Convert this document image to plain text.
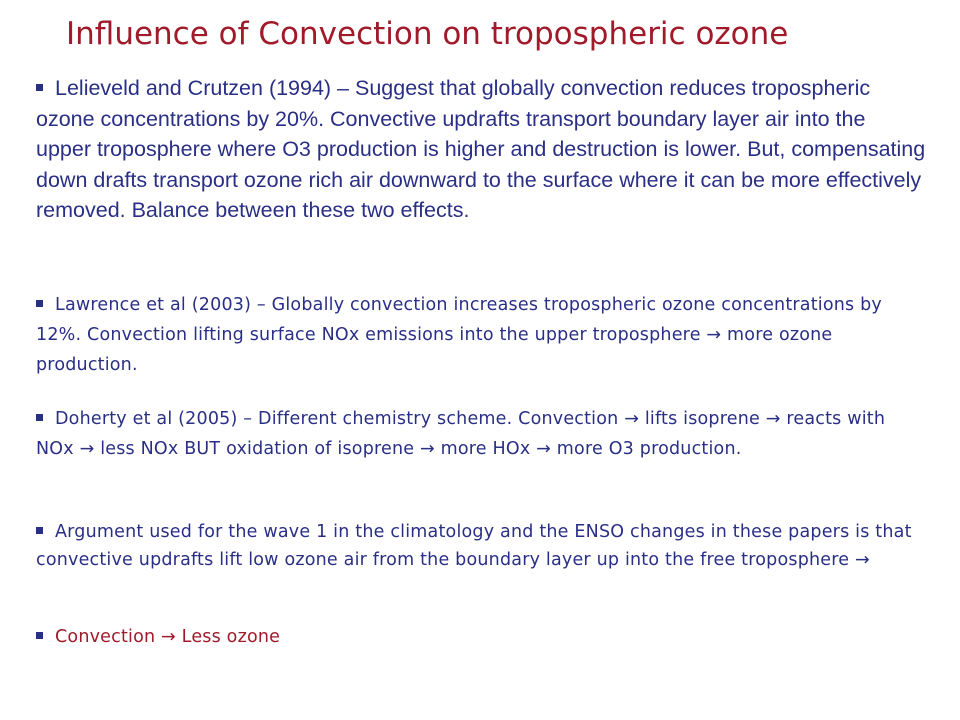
Influence of Convection on tropospheric ozone

Lelieveld and Crutzen (1994) – Suggest that globally convection reduces tropospheric ozone concentrations by 20%. Convective updrafts transport boundary layer air into the upper troposphere where O3 production is higher and destruction is lower. But, compensating down drafts transport ozone rich air downward to the surface where it can be more effectively removed. Balance between these two effects.

Lawrence et al (2003) – Globally convection increases tropospheric ozone concentrations by 12%. Convection lifting surface NOx emissions into the upper troposphere → more ozone production.

Doherty et al (2005) – Different chemistry scheme. Convection → lifts isoprene → reacts with NOx → less NOx BUT oxidation of isoprene → more HOx → more O3 production.

Argument used for the wave 1 in the climatology and the ENSO changes in these papers is that convective updrafts lift low ozone air from the boundary layer up into the free troposphere →

Convection → Less ozone
